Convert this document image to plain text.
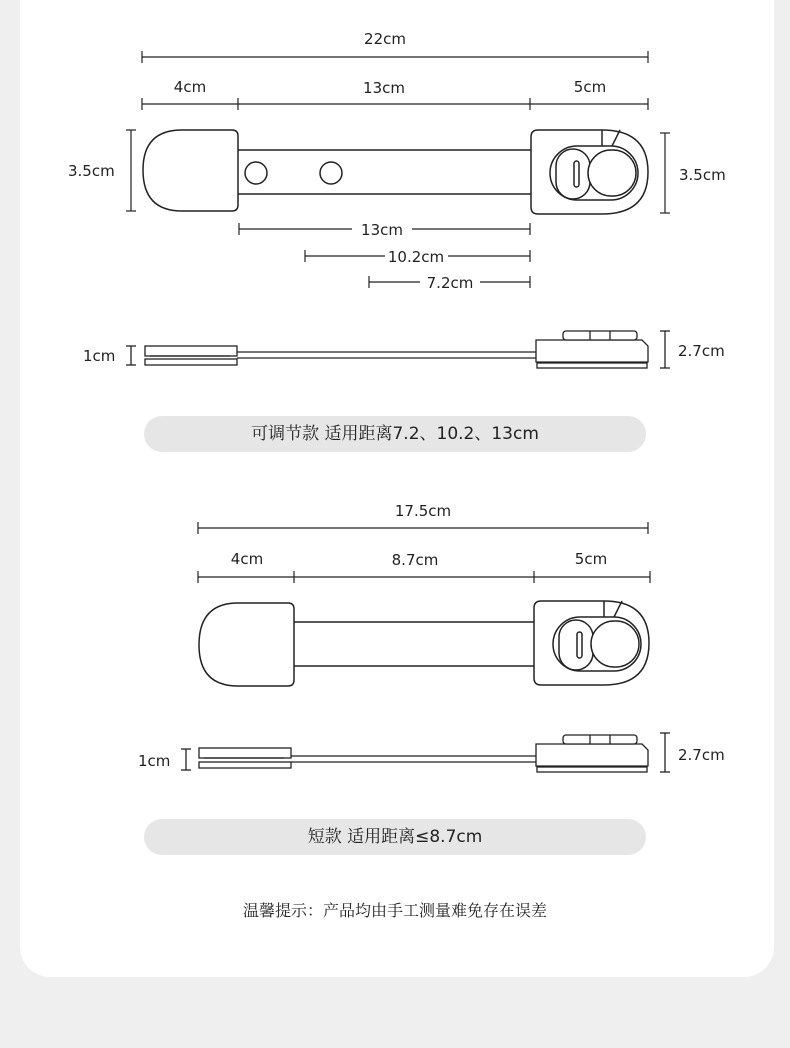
22cm
4cm	13cm	5cm
3.5cm	3.5cm
13cm
10.2cm
7.2cm
1cm	2.7cm
可调节款 适用距离7.2、10.2、13cm
17.5cm
4cm	8.7cm	5cm
1cm	2.7cm
短款 适用距离≤8.7cm
温馨提示：产品均由手工测量难免存在误差
